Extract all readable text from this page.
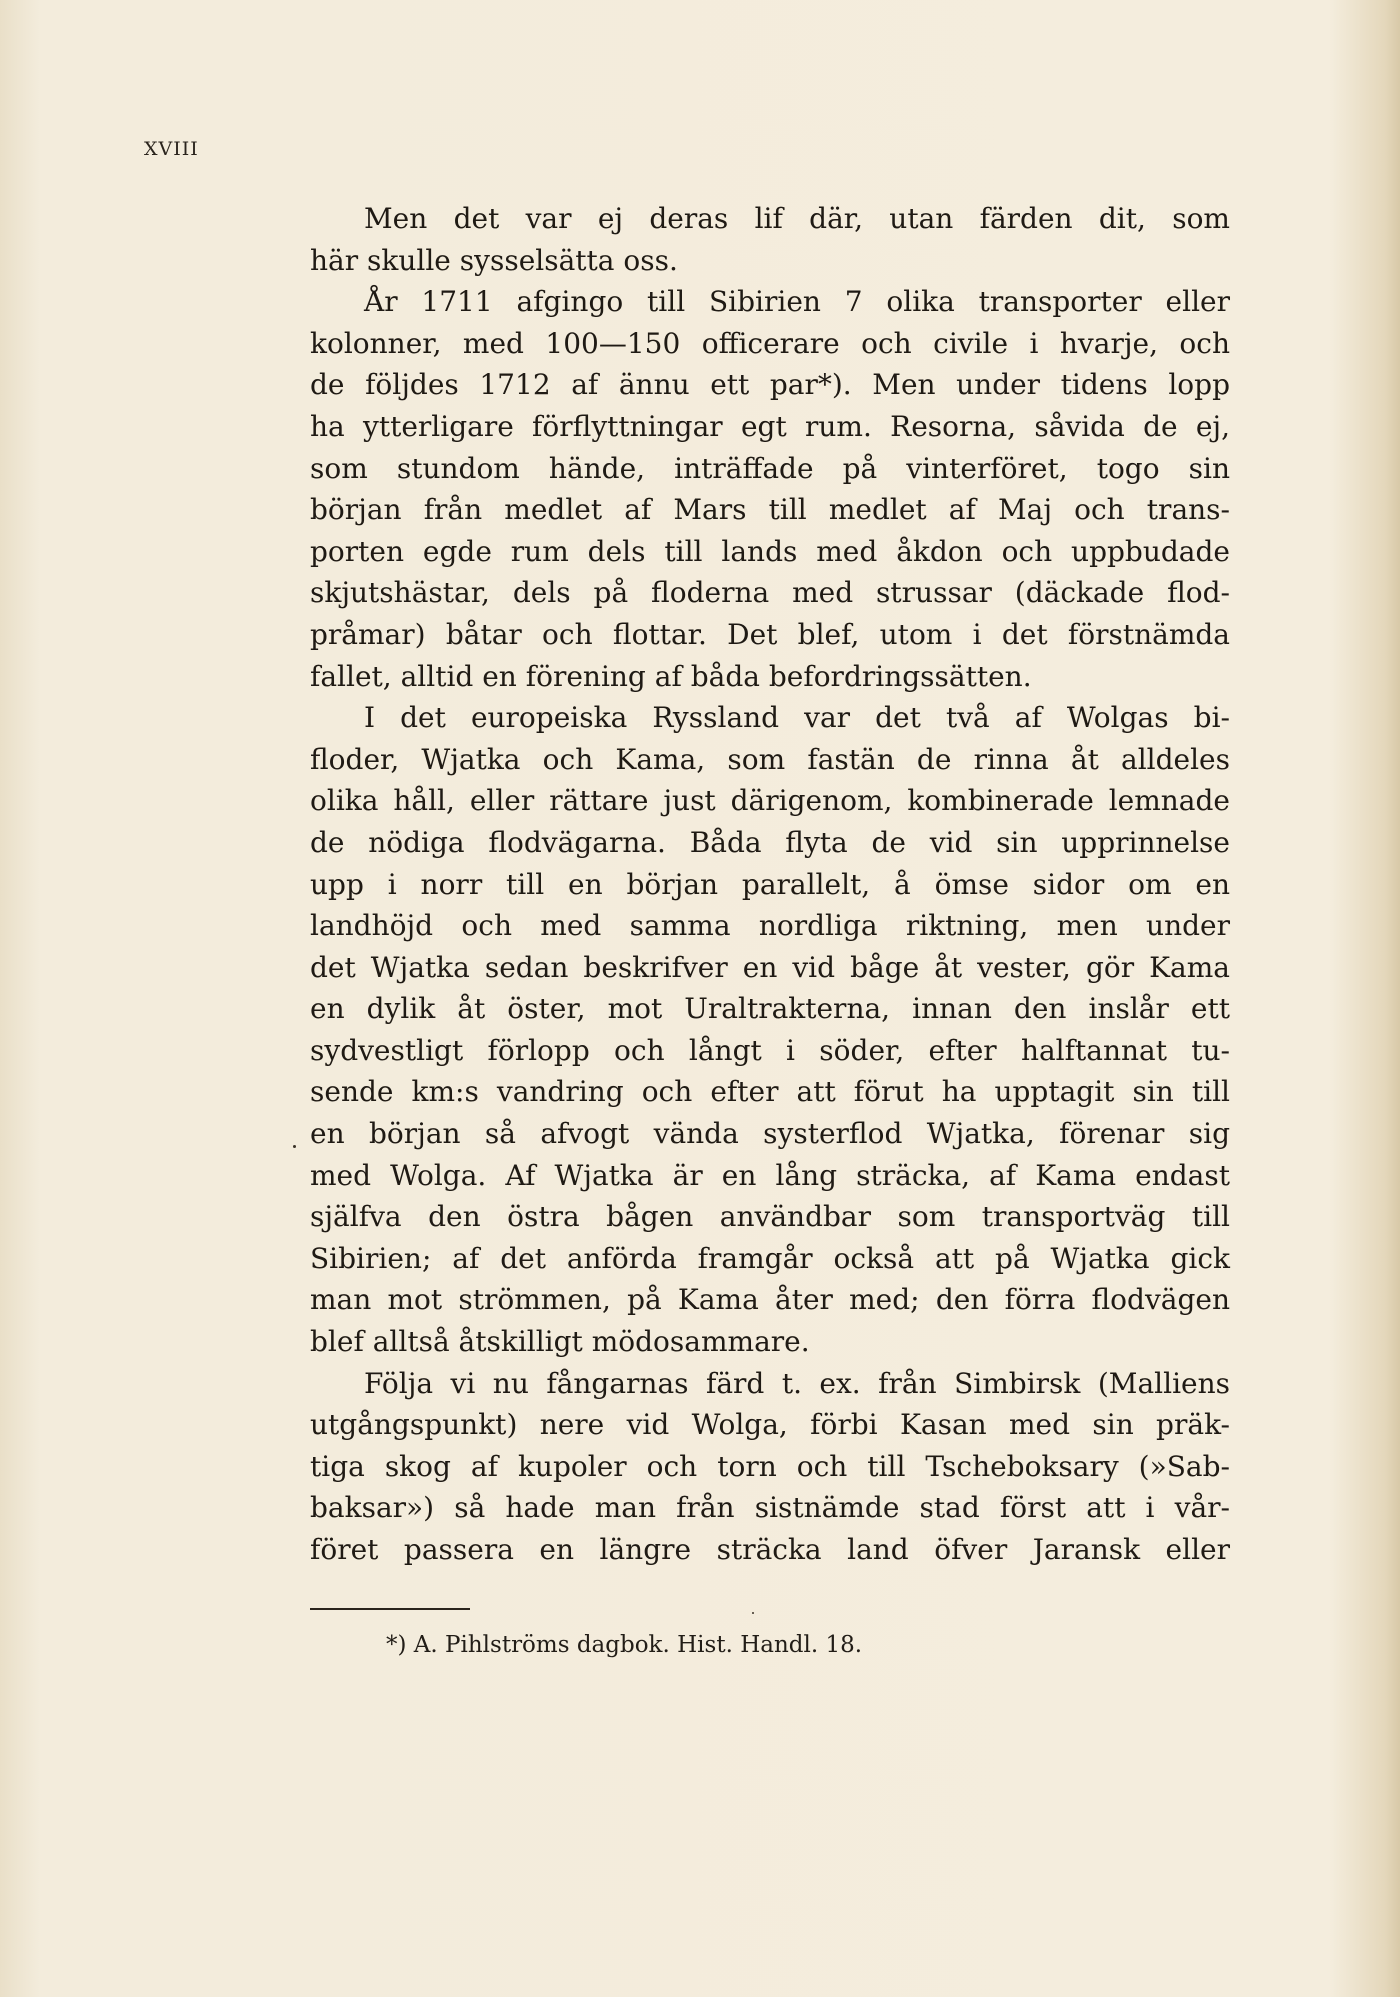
XVIII
Men det var ej deras lif där, utan färden dit, som
här skulle sysselsätta oss.
År 1711 afgingo till Sibirien 7 olika transporter eller
kolonner, med 100—150 officerare och civile i hvarje, och
de följdes 1712 af ännu ett par*). Men under tidens lopp
ha ytterligare förflyttningar egt rum. Resorna, såvida de ej,
som stundom hände, inträffade på vinterföret, togo sin
början från medlet af Mars till medlet af Maj och trans-
porten egde rum dels till lands med åkdon och uppbudade
skjutshästar, dels på floderna med strussar (däckade flod-
pråmar) båtar och flottar. Det blef, utom i det förstnämda
fallet, alltid en förening af båda befordringssätten.
I det europeiska Ryssland var det två af Wolgas bi-
floder, Wjatka och Kama, som fastän de rinna åt alldeles
olika håll, eller rättare just därigenom, kombinerade lemnade
de nödiga flodvägarna. Båda flyta de vid sin upprinnelse
upp i norr till en början parallelt, å ömse sidor om en
landhöjd och med samma nordliga riktning, men under
det Wjatka sedan beskrifver en vid båge åt vester, gör Kama
en dylik åt öster, mot Uraltrakterna, innan den inslår ett
sydvestligt förlopp och långt i söder, efter halftannat tu-
sende km:s vandring och efter att förut ha upptagit sin till
en början så afvogt vända systerflod Wjatka, förenar sig
med Wolga. Af Wjatka är en lång sträcka, af Kama endast
själfva den östra bågen användbar som transportväg till
Sibirien; af det anförda framgår också att på Wjatka gick
man mot strömmen, på Kama åter med; den förra flodvägen
blef alltså åtskilligt mödosammare.
Följa vi nu fångarnas färd t. ex. från Simbirsk (Malliens
utgångspunkt) nere vid Wolga, förbi Kasan med sin präk-
tiga skog af kupoler och torn och till Tscheboksary (»Sab-
baksar») så hade man från sistnämde stad först att i vår-
föret passera en längre sträcka land öfver Jaransk eller
*) A. Pihlströms dagbok. Hist. Handl. 18.
